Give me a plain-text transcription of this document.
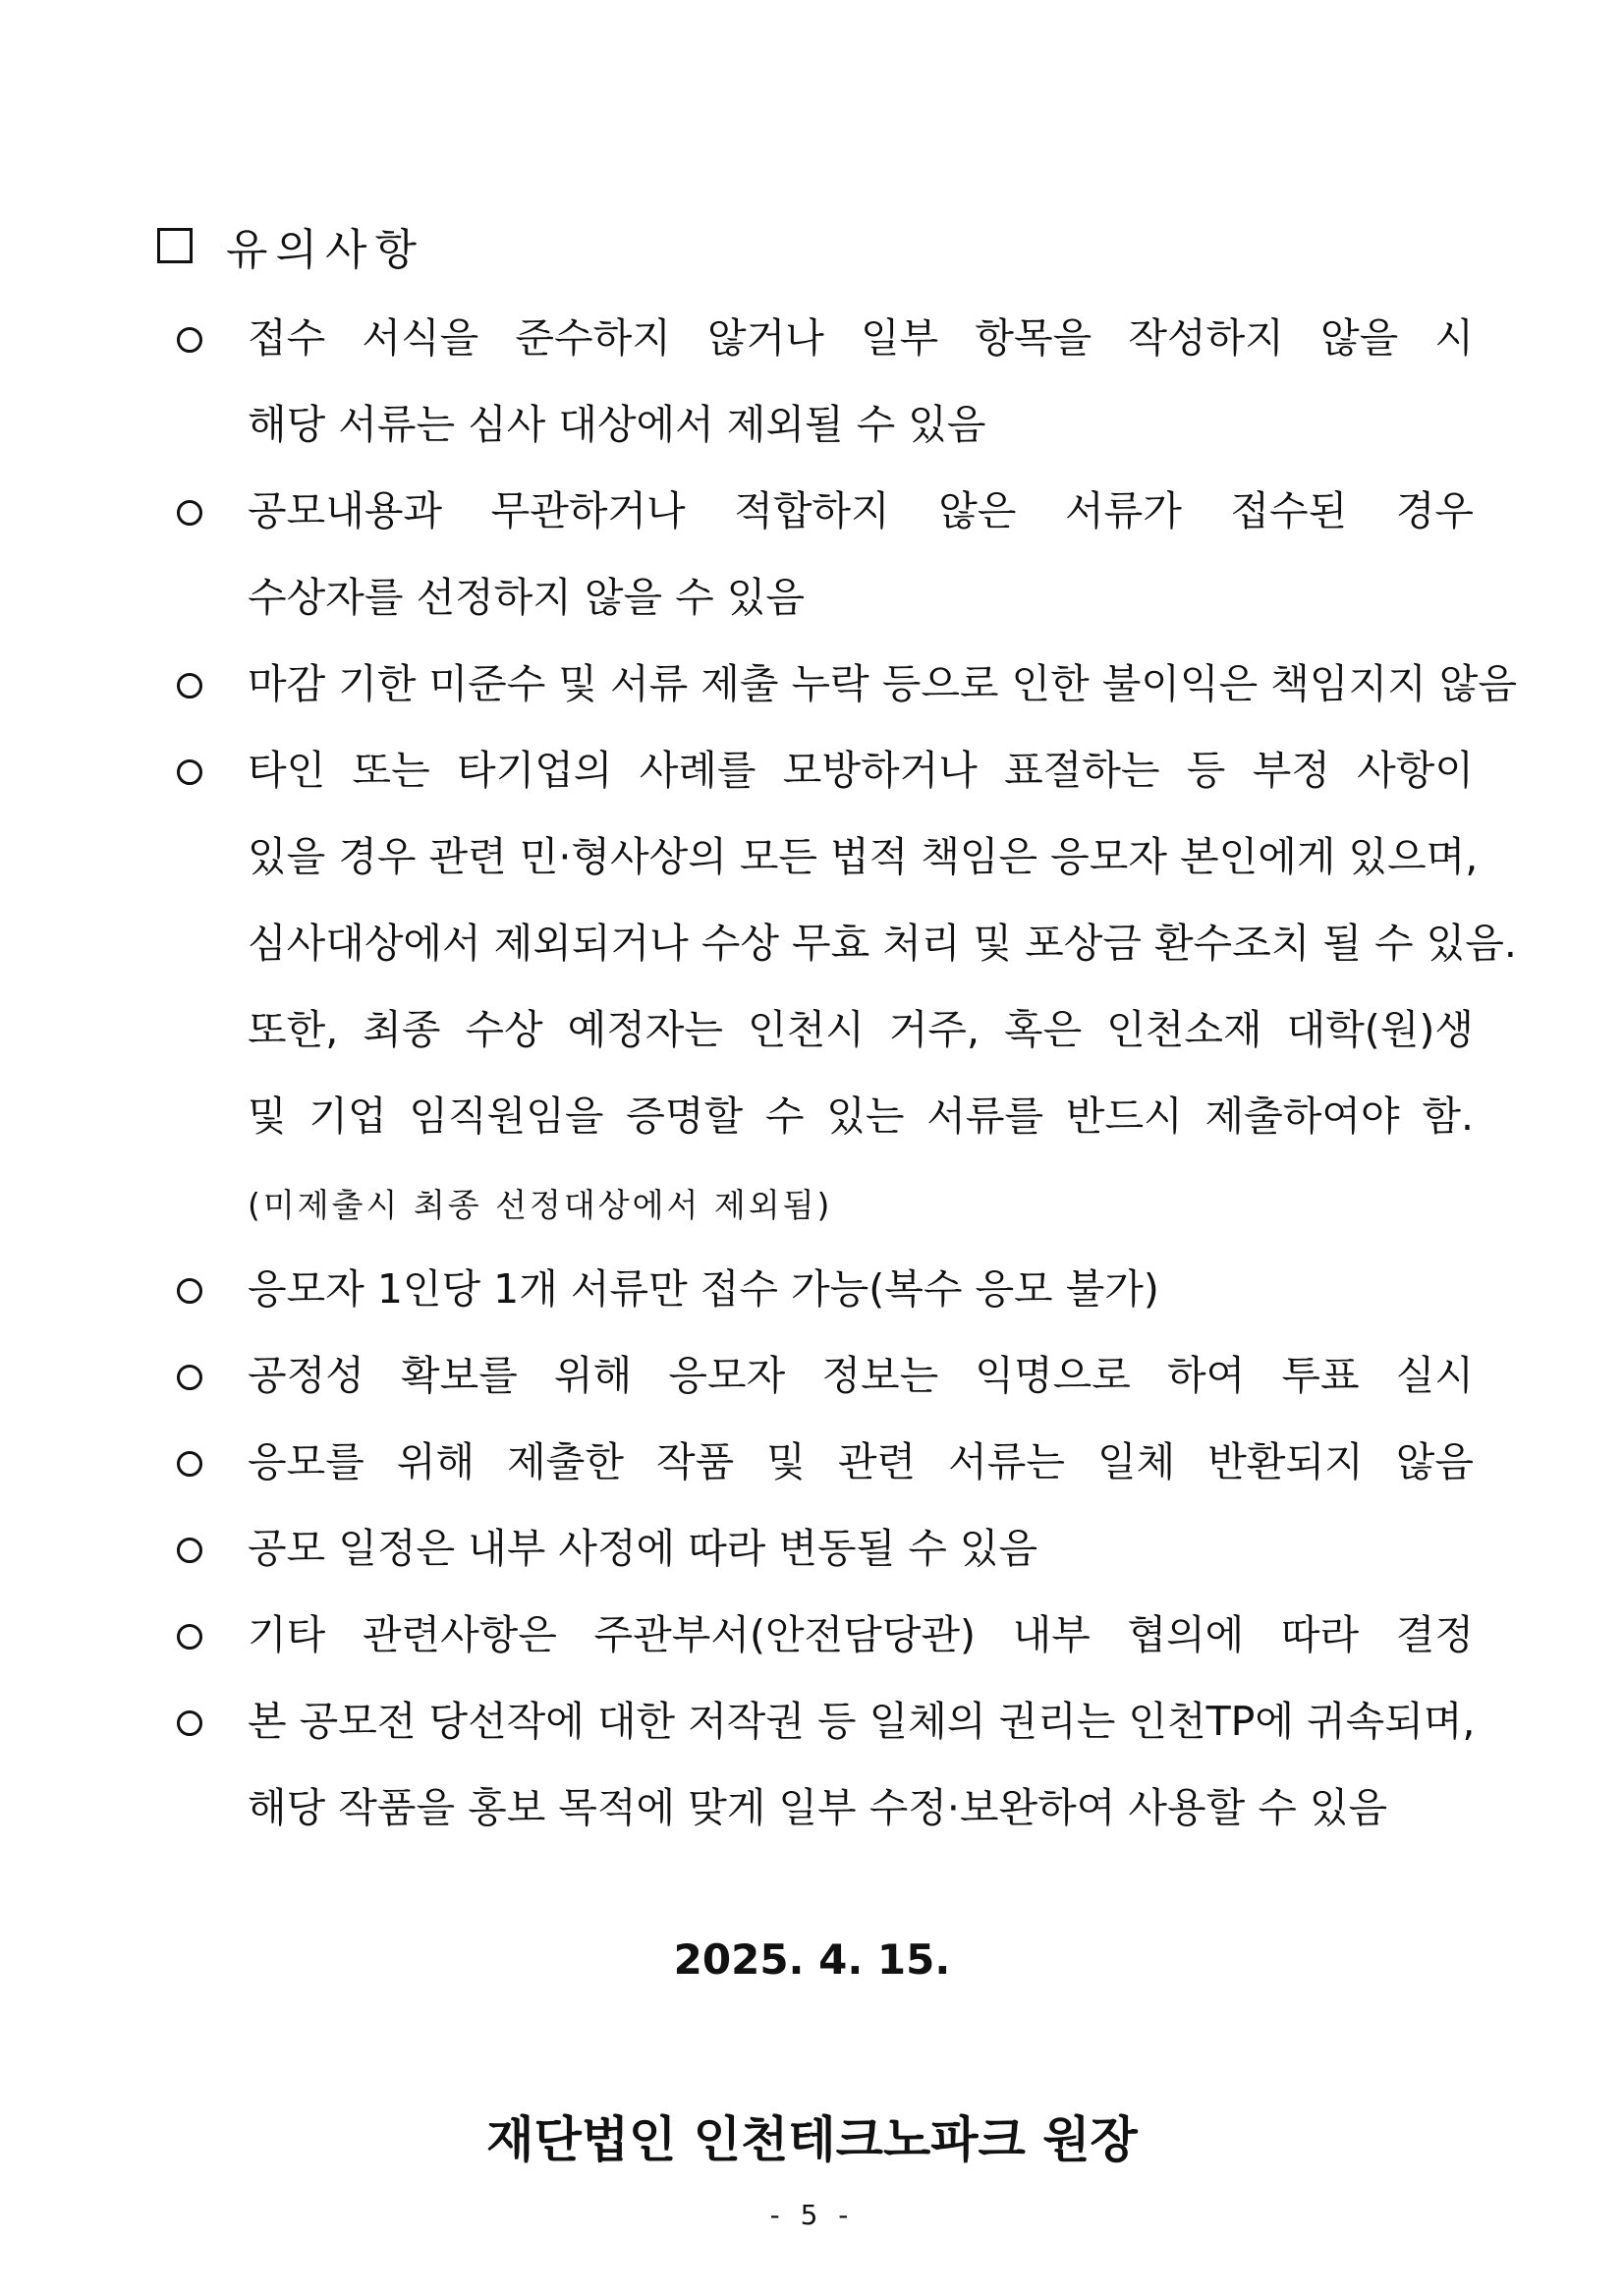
유의사항
접수 서식을 준수하지 않거나 일부 항목을 작성하지 않을 시
해당 서류는 심사 대상에서 제외될 수 있음
공모내용과 무관하거나 적합하지 않은 서류가 접수된 경우
수상자를 선정하지 않을 수 있음
마감 기한 미준수 및 서류 제출 누락 등으로 인한 불이익은 책임지지 않음
타인 또는 타기업의 사례를 모방하거나 표절하는 등 부정 사항이
있을 경우 관련 민·형사상의 모든 법적 책임은 응모자 본인에게 있으며,
심사대상에서 제외되거나 수상 무효 처리 및 포상금 환수조치 될 수 있음.
또한, 최종 수상 예정자는 인천시 거주, 혹은 인천소재 대학(원)생
및 기업 임직원임을 증명할 수 있는 서류를 반드시 제출하여야 함.
(미제출시 최종 선정대상에서 제외됨)
응모자 1인당 1개 서류만 접수 가능(복수 응모 불가)
공정성 확보를 위해 응모자 정보는 익명으로 하여 투표 실시
응모를 위해 제출한 작품 및 관련 서류는 일체 반환되지 않음
공모 일정은 내부 사정에 따라 변동될 수 있음
기타 관련사항은 주관부서(안전담당관) 내부 협의에 따라 결정
본 공모전 당선작에 대한 저작권 등 일체의 권리는 인천TP에 귀속되며,
해당 작품을 홍보 목적에 맞게 일부 수정·보완하여 사용할 수 있음
2025. 4. 15.
재단법인 인천테크노파크 원장
- 5 -
